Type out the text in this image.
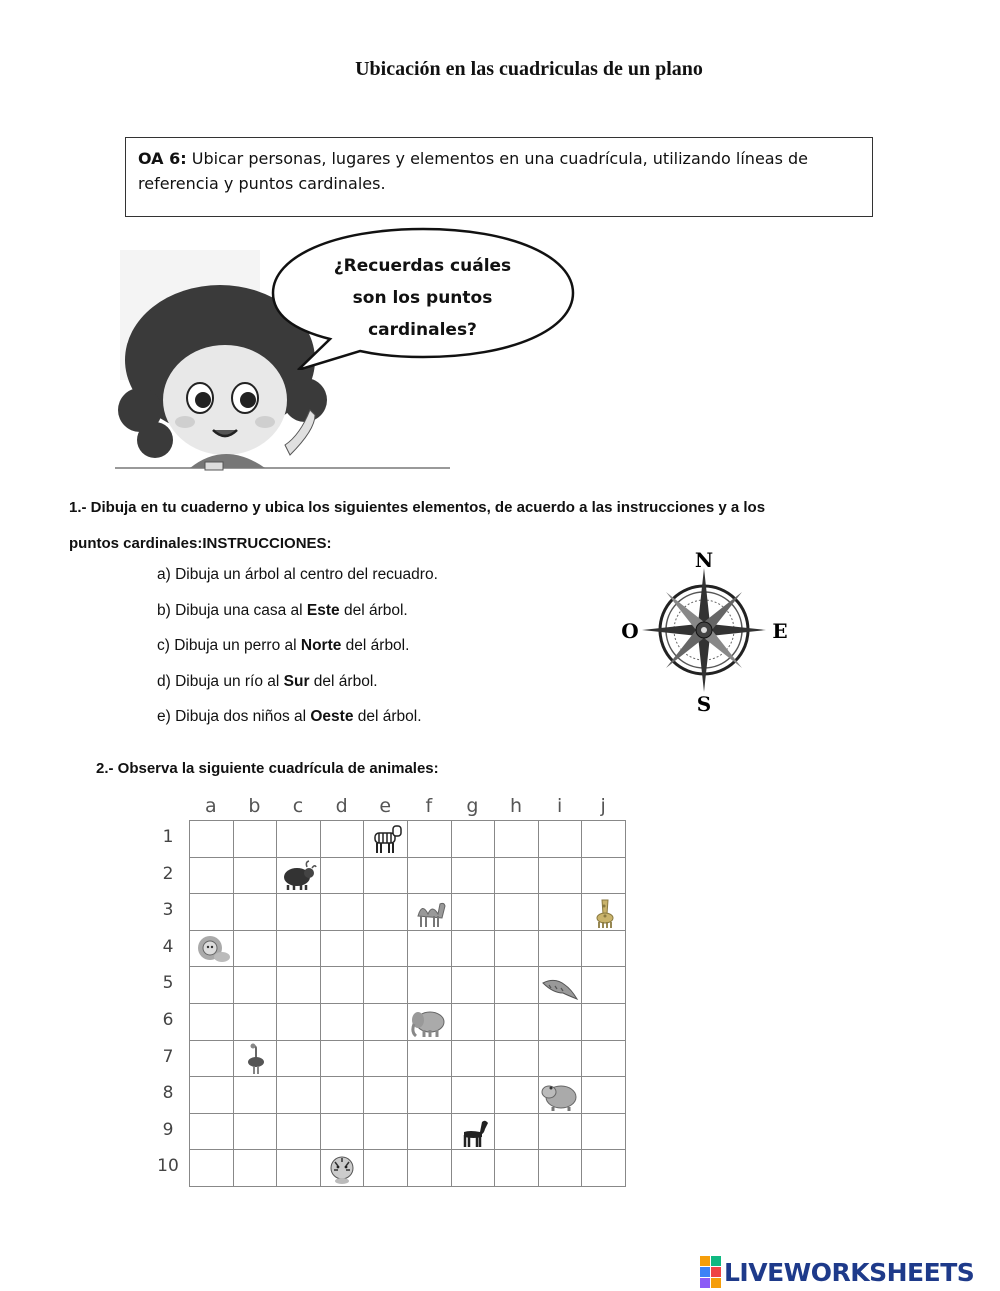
Ubicación en las cuadriculas de un plano
OA 6: Ubicar personas, lugares y elementos en una cuadrícula, utilizando líneas de referencia y puntos cardinales.
¿Recuerdas cuáles
son los puntos
cardinales?
1.- Dibuja en tu cuaderno y ubica los siguientes elementos, de acuerdo a las instrucciones y a los
puntos cardinales:INSTRUCCIONES:
a) Dibuja un árbol al centro del recuadro.
b) Dibuja una casa al Este del árbol.
c) Dibuja un perro al Norte del árbol.
d) Dibuja un río al Sur del árbol.
e) Dibuja dos niños al Oeste del árbol.
N
S
E
O
2.- Observa la siguiente cuadrícula de animales:
a	b	c	d	e	f	g	h	i	j
1
2
3
4
5
6
7
8
9
10
LIVEWORKSHEETS
